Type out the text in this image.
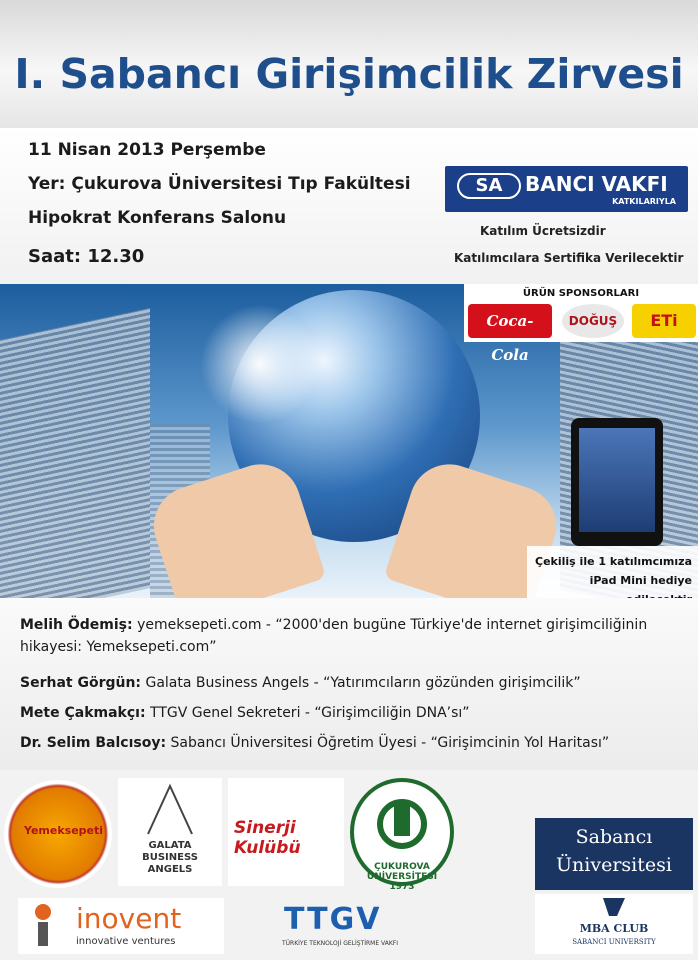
I. Sabancı Girişimcilik Zirvesi
11 Nisan 2013 Perşembe
Yer: Çukurova Üniversitesi Tıp Fakültesi
Hipokrat Konferans Salonu
Saat: 12.30
SA	BANCI VAKFI
KATKILARIYLA
Katılım Ücretsizdir
Katılımcılara Sertifika Verilecektir
ÜRÜN SPONSORLARI
Coca-Cola
DOĞUŞ	ETi
Çekiliş ile 1 katılımcımıza
iPad Mini hediye
Melih Ödemiş: yemeksepeti.com - “2000'den bugüne Türkiye'de internet girişimciliğinin hikayesi: Yemeksepeti.com”
Serhat Görgün: Galata Business Angels - “Yatırımcıların gözünden girişimcilik”
Mete Çakmakçı: TTGV Genel Sekreteri - “Girişimciliğin DNA’sı”
Dr. Selim Balcısoy: Sabancı Üniversitesi Öğretim Üyesi - “Girişimcinin Yol Haritası”
Yemeksepeti
GALATA BUSINESS ANGELS
Sinerji Kulübü
ÇUKUROVA ÜNİVERSİTESİ 1973
Sabancı
Üniversitesi
inovent
innovative ventures
TTGV
TÜRKİYE TEKNOLOJİ GELİŞTİRME VAKFI
MBA CLUB
SABANCI UNIVERSITY
